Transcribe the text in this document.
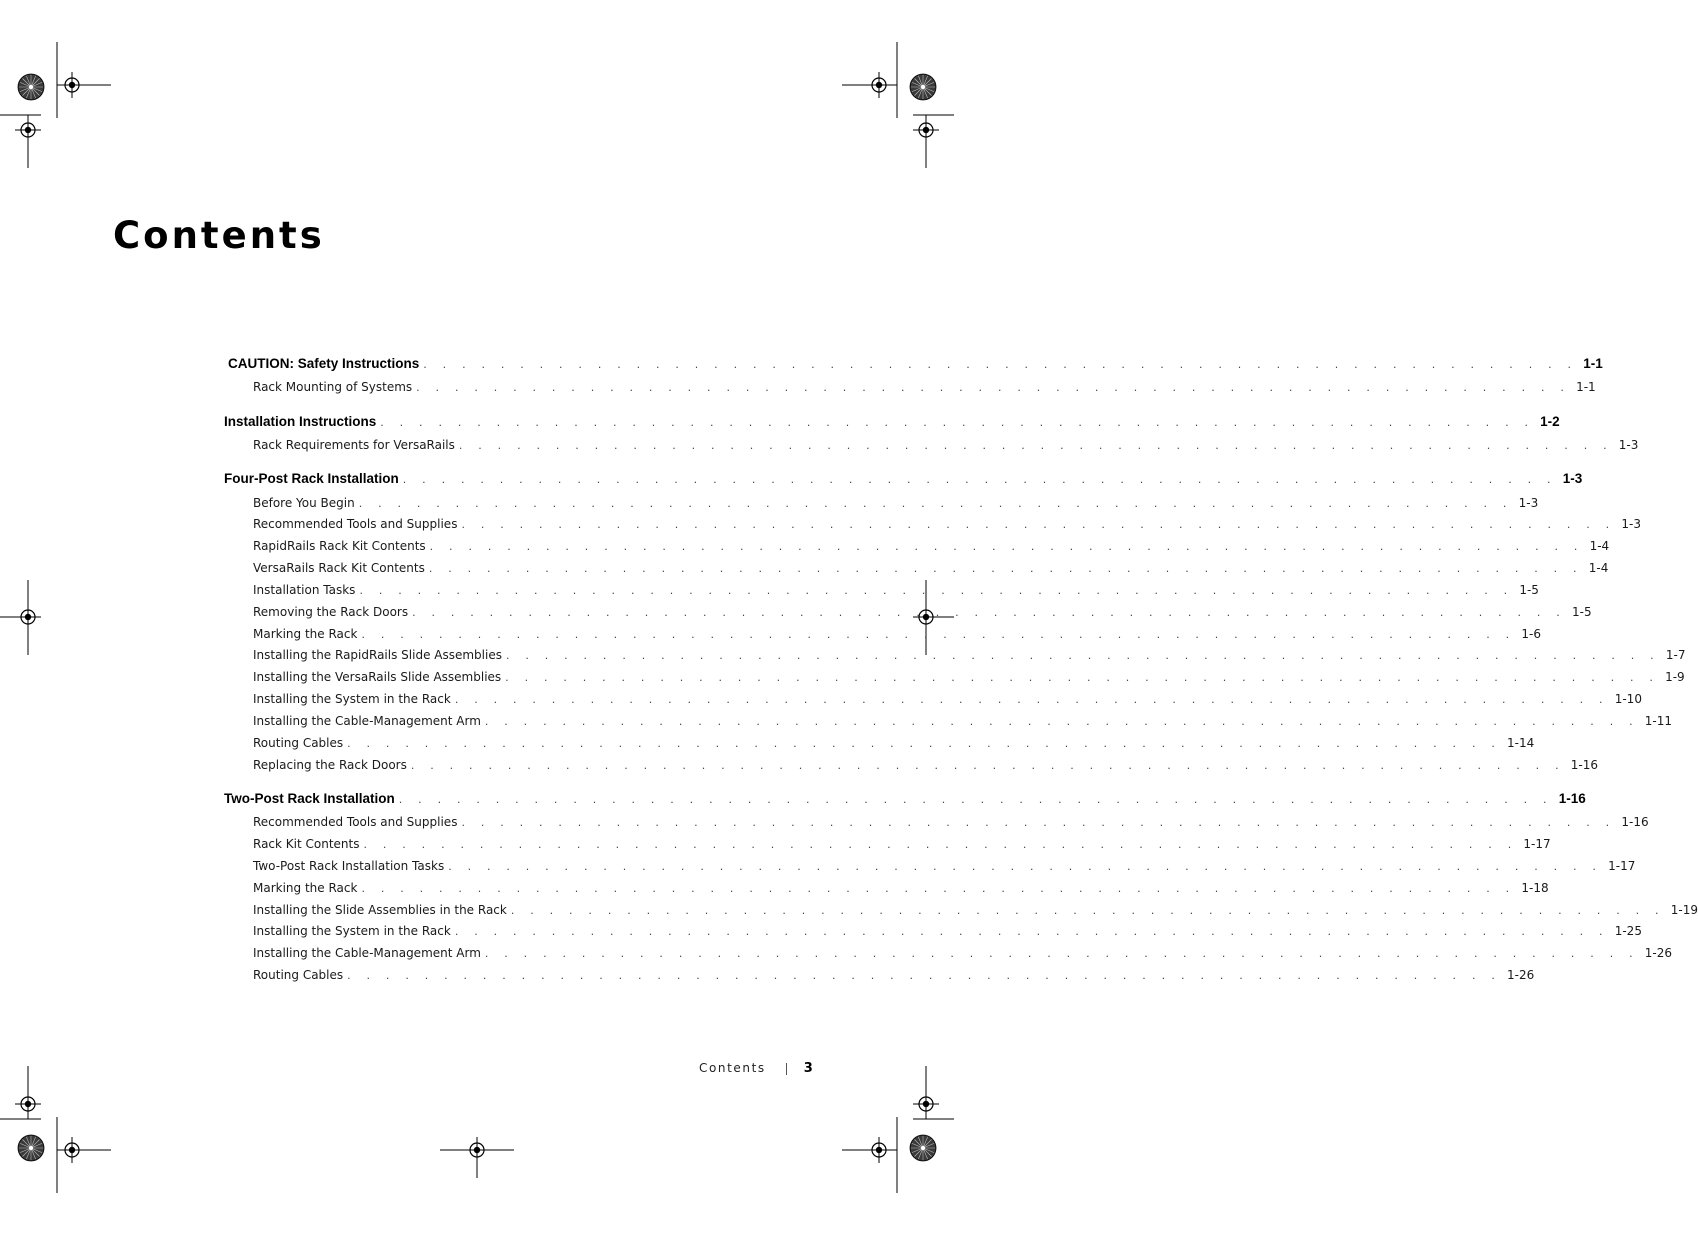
Contents
CAUTION: Safety Instructions . . . . . . . . . . . . . . . . . . . . . . . . . . . . . . . . . . . . . . . . . . . . . . . . . . . . . . . . . . . . 1-1
Rack Mounting of Systems . . . . . . . . . . . . . . . . . . . . . . . . . . . . . . . . . . . . . . . . . . . . . . . . . . . . . . . . . . . . 1-1
Installation Instructions . . . . . . . . . . . . . . . . . . . . . . . . . . . . . . . . . . . . . . . . . . . . . . . . . . . . . . . . . . . . 1-2
Rack Requirements for VersaRails . . . . . . . . . . . . . . . . . . . . . . . . . . . . . . . . . . . . . . . . . . . . . . . . . . . . . . . . . . . . 1-3
Four-Post Rack Installation . . . . . . . . . . . . . . . . . . . . . . . . . . . . . . . . . . . . . . . . . . . . . . . . . . . . . . . . . . . . 1-3
Before You Begin . . . . . . . . . . . . . . . . . . . . . . . . . . . . . . . . . . . . . . . . . . . . . . . . . . . . . . . . . . . . 1-3
Recommended Tools and Supplies . . . . . . . . . . . . . . . . . . . . . . . . . . . . . . . . . . . . . . . . . . . . . . . . . . . . . . . . . . . . 1-3
RapidRails Rack Kit Contents . . . . . . . . . . . . . . . . . . . . . . . . . . . . . . . . . . . . . . . . . . . . . . . . . . . . . . . . . . . . 1-4
VersaRails Rack Kit Contents . . . . . . . . . . . . . . . . . . . . . . . . . . . . . . . . . . . . . . . . . . . . . . . . . . . . . . . . . . . . 1-4
Installation Tasks . . . . . . . . . . . . . . . . . . . . . . . . . . . . . . . . . . . . . . . . . . . . . . . . . . . . . . . . . . . . 1-5
Removing the Rack Doors . . . . . . . . . . . . . . . . . . . . . . . . . . . . . . . . . . . . . . . . . . . . . . . . . . . . . . . . . . . . 1-5
Marking the Rack . . . . . . . . . . . . . . . . . . . . . . . . . . . . . . . . . . . . . . . . . . . . . . . . . . . . . . . . . . . . 1-6
Installing the RapidRails Slide Assemblies . . . . . . . . . . . . . . . . . . . . . . . . . . . . . . . . . . . . . . . . . . . . . . . . . . . . . . . . . . . . 1-7
Installing the VersaRails Slide Assemblies . . . . . . . . . . . . . . . . . . . . . . . . . . . . . . . . . . . . . . . . . . . . . . . . . . . . . . . . . . . . 1-9
Installing the System in the Rack . . . . . . . . . . . . . . . . . . . . . . . . . . . . . . . . . . . . . . . . . . . . . . . . . . . . . . . . . . . . 1-10
Installing the Cable-Management Arm . . . . . . . . . . . . . . . . . . . . . . . . . . . . . . . . . . . . . . . . . . . . . . . . . . . . . . . . . . . . 1-11
Routing Cables . . . . . . . . . . . . . . . . . . . . . . . . . . . . . . . . . . . . . . . . . . . . . . . . . . . . . . . . . . . . 1-14
Replacing the Rack Doors . . . . . . . . . . . . . . . . . . . . . . . . . . . . . . . . . . . . . . . . . . . . . . . . . . . . . . . . . . . . 1-16
Two-Post Rack Installation . . . . . . . . . . . . . . . . . . . . . . . . . . . . . . . . . . . . . . . . . . . . . . . . . . . . . . . . . . . . 1-16
Recommended Tools and Supplies . . . . . . . . . . . . . . . . . . . . . . . . . . . . . . . . . . . . . . . . . . . . . . . . . . . . . . . . . . . . 1-16
Rack Kit Contents . . . . . . . . . . . . . . . . . . . . . . . . . . . . . . . . . . . . . . . . . . . . . . . . . . . . . . . . . . . . 1-17
Two-Post Rack Installation Tasks . . . . . . . . . . . . . . . . . . . . . . . . . . . . . . . . . . . . . . . . . . . . . . . . . . . . . . . . . . . . 1-17
Marking the Rack . . . . . . . . . . . . . . . . . . . . . . . . . . . . . . . . . . . . . . . . . . . . . . . . . . . . . . . . . . . . 1-18
Installing the Slide Assemblies in the Rack . . . . . . . . . . . . . . . . . . . . . . . . . . . . . . . . . . . . . . . . . . . . . . . . . . . . . . . . . . . . 1-19
Installing the System in the Rack . . . . . . . . . . . . . . . . . . . . . . . . . . . . . . . . . . . . . . . . . . . . . . . . . . . . . . . . . . . . 1-25
Installing the Cable-Management Arm . . . . . . . . . . . . . . . . . . . . . . . . . . . . . . . . . . . . . . . . . . . . . . . . . . . . . . . . . . . . 1-26
Routing Cables . . . . . . . . . . . . . . . . . . . . . . . . . . . . . . . . . . . . . . . . . . . . . . . . . . . . . . . . . . . . 1-26
Contents	3
